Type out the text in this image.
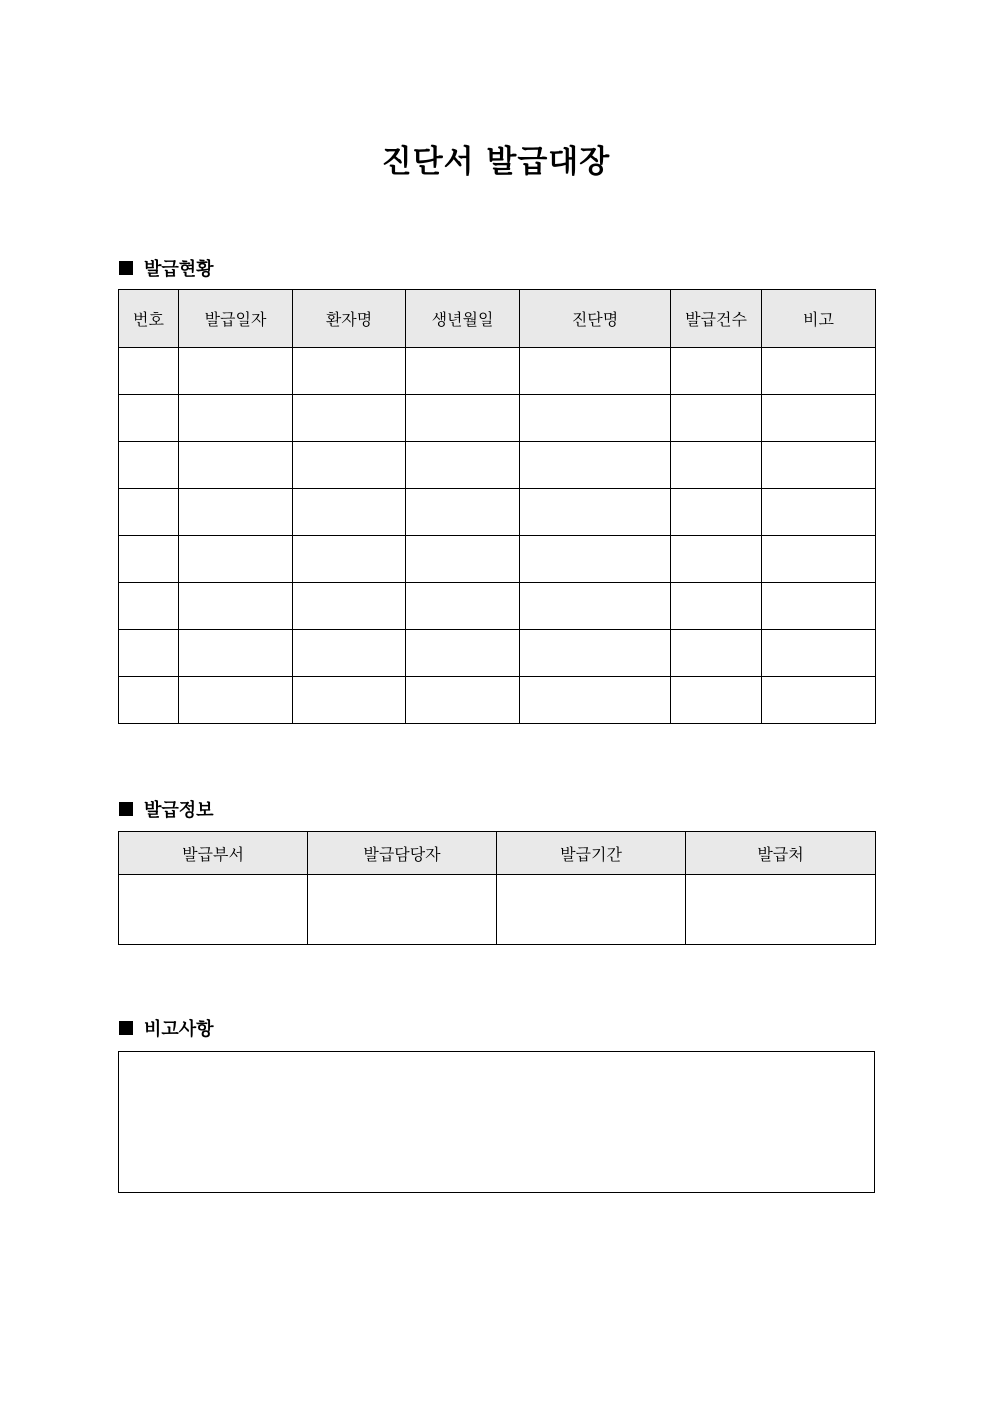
진단서 발급대장
발급현황
번호	발급일자	환자명	생년월일	진단명	발급건수	비고

발급정보
발급부서	발급담당자	발급기간	발급처

비고사항
